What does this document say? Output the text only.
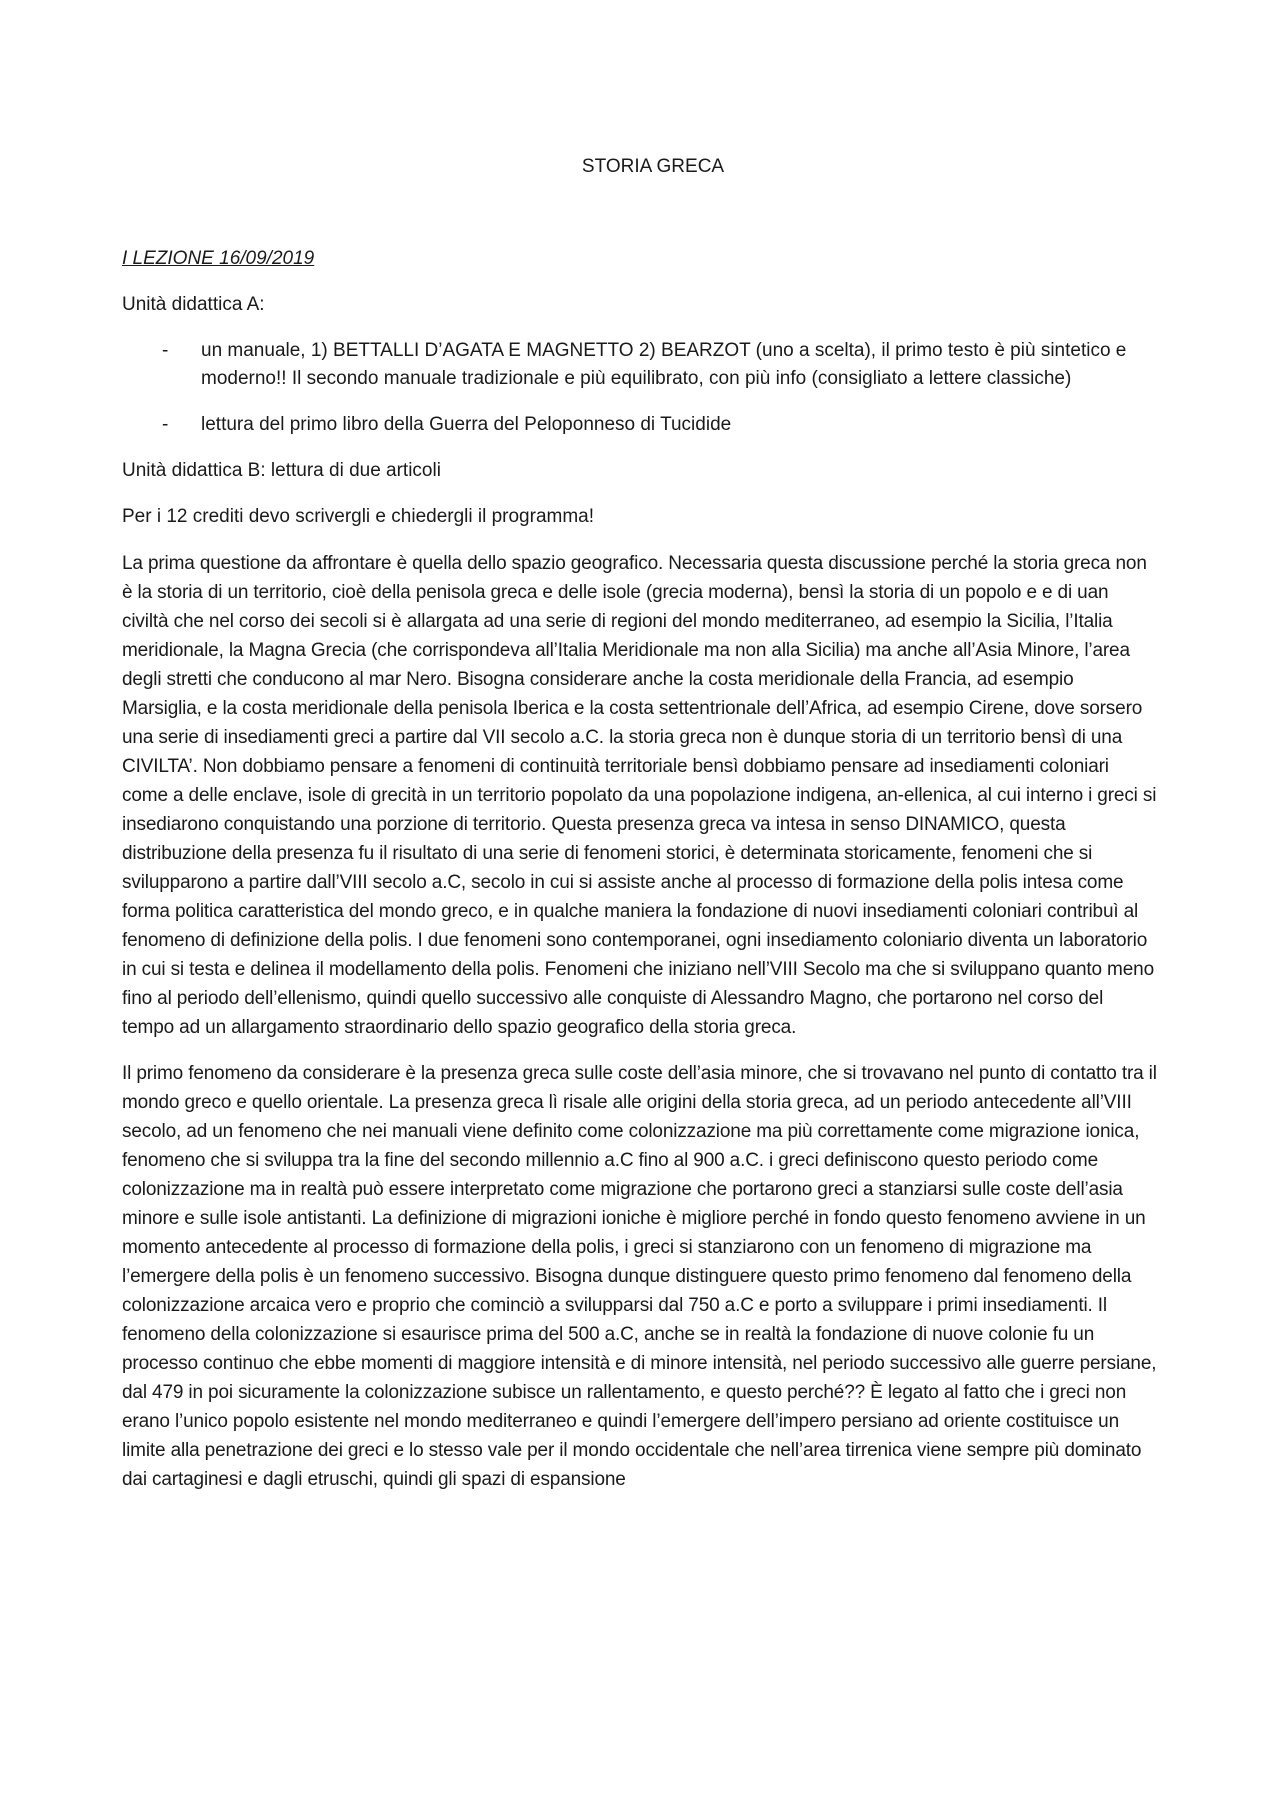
STORIA GRECA
I LEZIONE 16/09/2019
Unità didattica A:
- un manuale, 1) BETTALLI D’AGATA E MAGNETTO 2) BEARZOT (uno a scelta), il primo testo è più sintetico e moderno!! Il secondo manuale tradizionale e più equilibrato, con più info (consigliato a lettere classiche)
- lettura del primo libro della Guerra del Peloponneso di Tucidide
Unità didattica B: lettura di due articoli
Per i 12 crediti devo scrivergli e chiedergli il programma!

La prima questione da affrontare è quella dello spazio geografico. Necessaria questa discussione perché la storia greca non è la storia di un territorio, cioè della penisola greca e delle isole (grecia moderna), bensì la storia di un popolo e e di uan civiltà che nel corso dei secoli si è allargata ad una serie di regioni del mondo mediterraneo, ad esempio la Sicilia, l’Italia meridionale, la Magna Grecia (che corrispondeva all’Italia Meridionale ma non alla Sicilia) ma anche all’Asia Minore, l’area degli stretti che conducono al mar Nero. Bisogna considerare anche la costa meridionale della Francia, ad esempio Marsiglia, e la costa meridionale della penisola Iberica e la costa settentrionale dell’Africa, ad esempio Cirene, dove sorsero una serie di insediamenti greci a partire dal VII secolo a.C. la storia greca non è dunque storia di un territorio bensì di una CIVILTA’. Non dobbiamo pensare a fenomeni di continuità territoriale bensì dobbiamo pensare ad insediamenti coloniari come a delle enclave, isole di grecità in un territorio popolato da una popolazione indigena, an-ellenica, al cui interno i greci si insediarono conquistando una porzione di territorio. Questa presenza greca va intesa in senso DINAMICO, questa distribuzione della presenza fu il risultato di una serie di fenomeni storici, è determinata storicamente, fenomeni che si svilupparono a partire dall’VIII secolo a.C, secolo in cui si assiste anche al processo di formazione della polis intesa come forma politica caratteristica del mondo greco, e in qualche maniera la fondazione di nuovi insediamenti coloniari contribuì al fenomeno di definizione della polis. I due fenomeni sono contemporanei, ogni insediamento coloniario diventa un laboratorio in cui si testa e delinea il modellamento della polis. Fenomeni che iniziano nell’VIII Secolo ma che si sviluppano quanto meno fino al periodo dell’ellenismo, quindi quello successivo alle conquiste di Alessandro Magno, che portarono nel corso del tempo ad un allargamento straordinario dello spazio geografico della storia greca.

Il primo fenomeno da considerare è la presenza greca sulle coste dell’asia minore, che si trovavano nel punto di contatto tra il mondo greco e quello orientale. La presenza greca lì risale alle origini della storia greca, ad un periodo antecedente all’VIII secolo, ad un fenomeno che nei manuali viene definito come colonizzazione ma più correttamente come migrazione ionica, fenomeno che si sviluppa tra la fine del secondo millennio a.C fino al 900 a.C. i greci definiscono questo periodo come colonizzazione ma in realtà può essere interpretato come migrazione che portarono greci a stanziarsi sulle coste dell’asia minore e sulle isole antistanti. La definizione di migrazioni ioniche è migliore perché in fondo questo fenomeno avviene in un momento antecedente al processo di formazione della polis, i greci si stanziarono con un fenomeno di migrazione ma l’emergere della polis è un fenomeno successivo. Bisogna dunque distinguere questo primo fenomeno dal fenomeno della colonizzazione arcaica vero e proprio che cominciò a svilupparsi dal 750 a.C e porto a sviluppare i primi insediamenti. Il fenomeno della colonizzazione si esaurisce prima del 500 a.C, anche se in realtà la fondazione di nuove colonie fu un processo continuo che ebbe momenti di maggiore intensità e di minore intensità, nel periodo successivo alle guerre persiane, dal 479 in poi sicuramente la colonizzazione subisce un rallentamento, e questo perché?? È legato al fatto che i greci non erano l’unico popolo esistente nel mondo mediterraneo e quindi l’emergere dell’impero persiano ad oriente costituisce un limite alla penetrazione dei greci e lo stesso vale per il mondo occidentale che nell’area tirrenica viene sempre più dominato dai cartaginesi e dagli etruschi, quindi gli spazi di espansione
